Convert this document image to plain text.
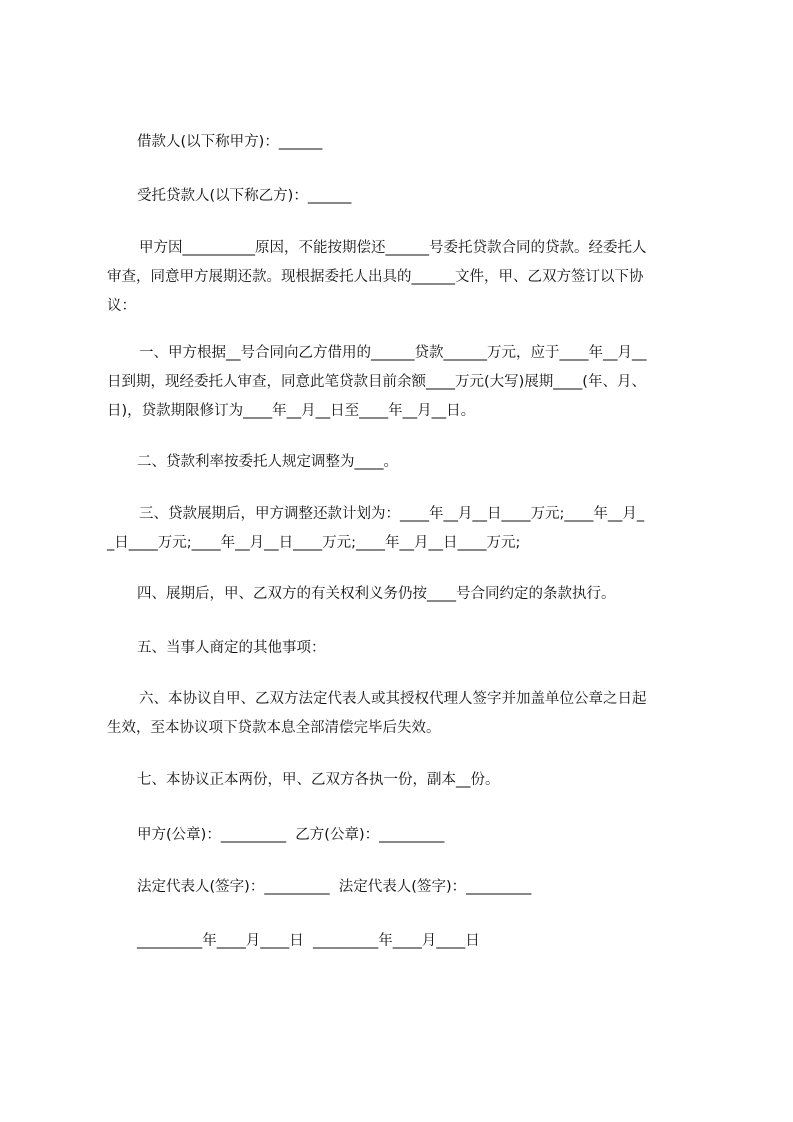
借款人(以下称甲方)：______
受托贷款人(以下称乙方)：______
甲方因__________原因，不能按期偿还______号委托贷款合同的贷款。经委托人
审查，同意甲方展期还款。现根据委托人出具的______文件，甲、乙双方签订以下协
议：
一、甲方根据__号合同向乙方借用的______贷款______万元，应于____年__月__
日到期，现经委托人审查，同意此笔贷款目前余额____万元(大写)展期____(年、月、
日)，贷款期限修订为____年__月__日至____年__月__日。
二、贷款利率按委托人规定调整为____。
三、贷款展期后，甲方调整还款计划为：____年__月__日____万元;____年__月_
_日____万元;____年__月__日____万元;____年__月__日____万元;
四、展期后，甲、乙双方的有关权利义务仍按____号合同约定的条款执行。
五、当事人商定的其他事项：
六、本协议自甲、乙双方法定代表人或其授权代理人签字并加盖单位公章之日起
生效，至本协议项下贷款本息全部清偿完毕后失效。
七、本协议正本两份，甲、乙双方各执一份，副本__份。
甲方(公章)：_________  乙方(公章)：_________
法定代表人(签字)：_________  法定代表人(签字)：_________
_________年____月____日  _________年____月____日
